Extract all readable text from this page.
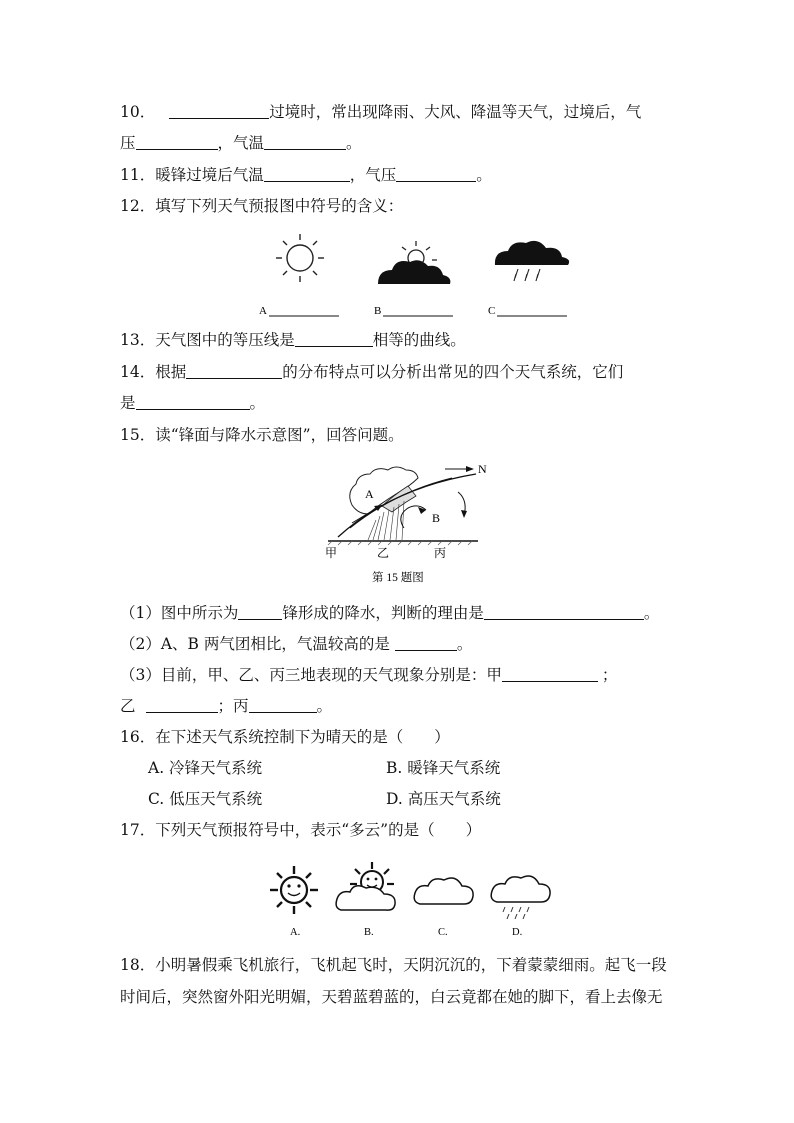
10．	过境时，常出现降雨、大风、降温等天气，过境后，气
压	，气温	。
11．暖锋过境后气温	，气压	。
12．填写下列天气预报图中符号的含义：
A	B	C
N
A
B
甲	乙	丙
第 15 题图
A.	B.	C.	D.
13．天气图中的等压线是	相等的曲线。
14．根据	的分布特点可以分析出常见的四个天气系统，它们
是	。
15．读“锋面与降水示意图”，回答问题。
（1）图中所示为	锋形成的降水，判断的理由是	。
（2）A、B 两气团相比，气温较高的是	。
（3）目前，甲、乙、丙三地表现的天气现象分别是：甲	；
乙	；丙	。
16．在下述天气系统控制下为晴天的是（　　）
A. 冷锋天气系统	B. 暖锋天气系统
C. 低压天气系统	D. 高压天气系统
17．下列天气预报符号中，表示“多云”的是（　　）
18．小明暑假乘飞机旅行，飞机起飞时，天阴沉沉的，下着蒙蒙细雨。起飞一段
时间后，突然窗外阳光明媚，天碧蓝碧蓝的，白云竟都在她的脚下，看上去像无
